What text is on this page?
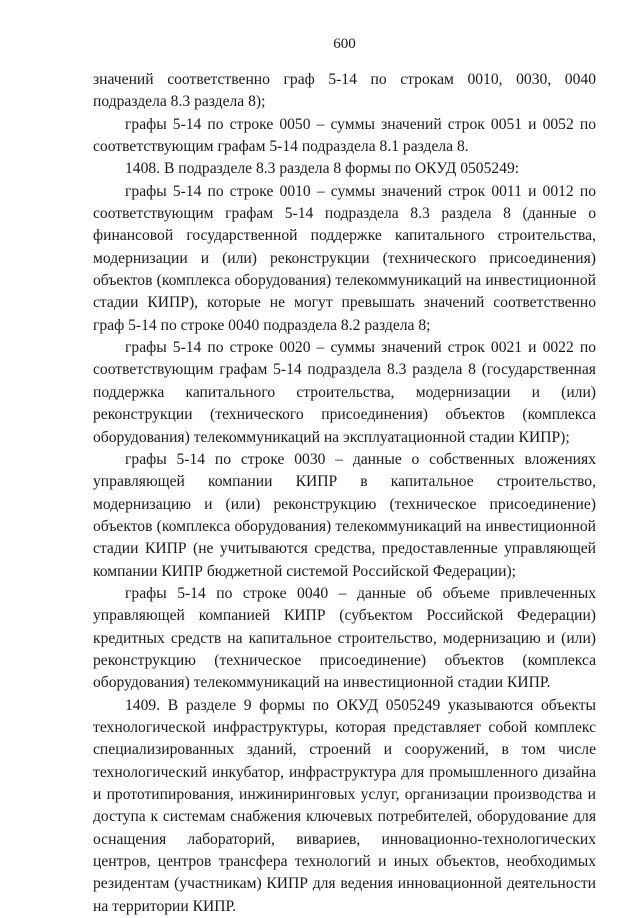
600

значений соответственно граф 5-14 по строкам 0010, 0030, 0040 подраздела 8.3 раздела 8);

графы 5-14 по строке 0050 – суммы значений строк 0051 и 0052 по соответствующим графам 5-14 подраздела 8.1 раздела 8.

1408. В подразделе 8.3 раздела 8 формы по ОКУД 0505249:

графы 5-14 по строке 0010 – суммы значений строк 0011 и 0012 по соответствующим графам 5-14 подраздела 8.3 раздела 8 (данные о финансовой государственной поддержке капитального строительства, модернизации и (или) реконструкции (технического присоединения) объектов (комплекса оборудования) телекоммуникаций на инвестиционной стадии КИПР), которые не могут превышать значений соответственно граф 5-14 по строке 0040 подраздела 8.2 раздела 8;

графы 5-14 по строке 0020 – суммы значений строк 0021 и 0022 по соответствующим графам 5-14 подраздела 8.3 раздела 8 (государственная поддержка капитального строительства, модернизации и (или) реконструкции (технического присоединения) объектов (комплекса оборудования) телекоммуникаций на эксплуатационной стадии КИПР);

графы 5-14 по строке 0030 – данные о собственных вложениях управляющей компании КИПР в капитальное строительство, модернизацию и (или) реконструкцию (техническое присоединение) объектов (комплекса оборудования) телекоммуникаций на инвестиционной стадии КИПР (не учитываются средства, предоставленные управляющей компании КИПР бюджетной системой Российской Федерации);

графы 5-14 по строке 0040 – данные об объеме привлеченных управляющей компанией КИПР (субъектом Российской Федерации) кредитных средств на капитальное строительство, модернизацию и (или) реконструкцию (техническое присоединение) объектов (комплекса оборудования) телекоммуникаций на инвестиционной стадии КИПР.

1409. В разделе 9 формы по ОКУД 0505249 указываются объекты технологической инфраструктуры, которая представляет собой комплекс специализированных зданий, строений и сооружений, в том числе технологический инкубатор, инфраструктура для промышленного дизайна и прототипирования, инжиниринговых услуг, организации производства и доступа к системам снабжения ключевых потребителей, оборудование для оснащения лабораторий, вивариев, инновационно-технологических центров, центров трансфера технологий и иных объектов, необходимых резидентам (участникам) КИПР для ведения инновационной деятельности на территории КИПР.
